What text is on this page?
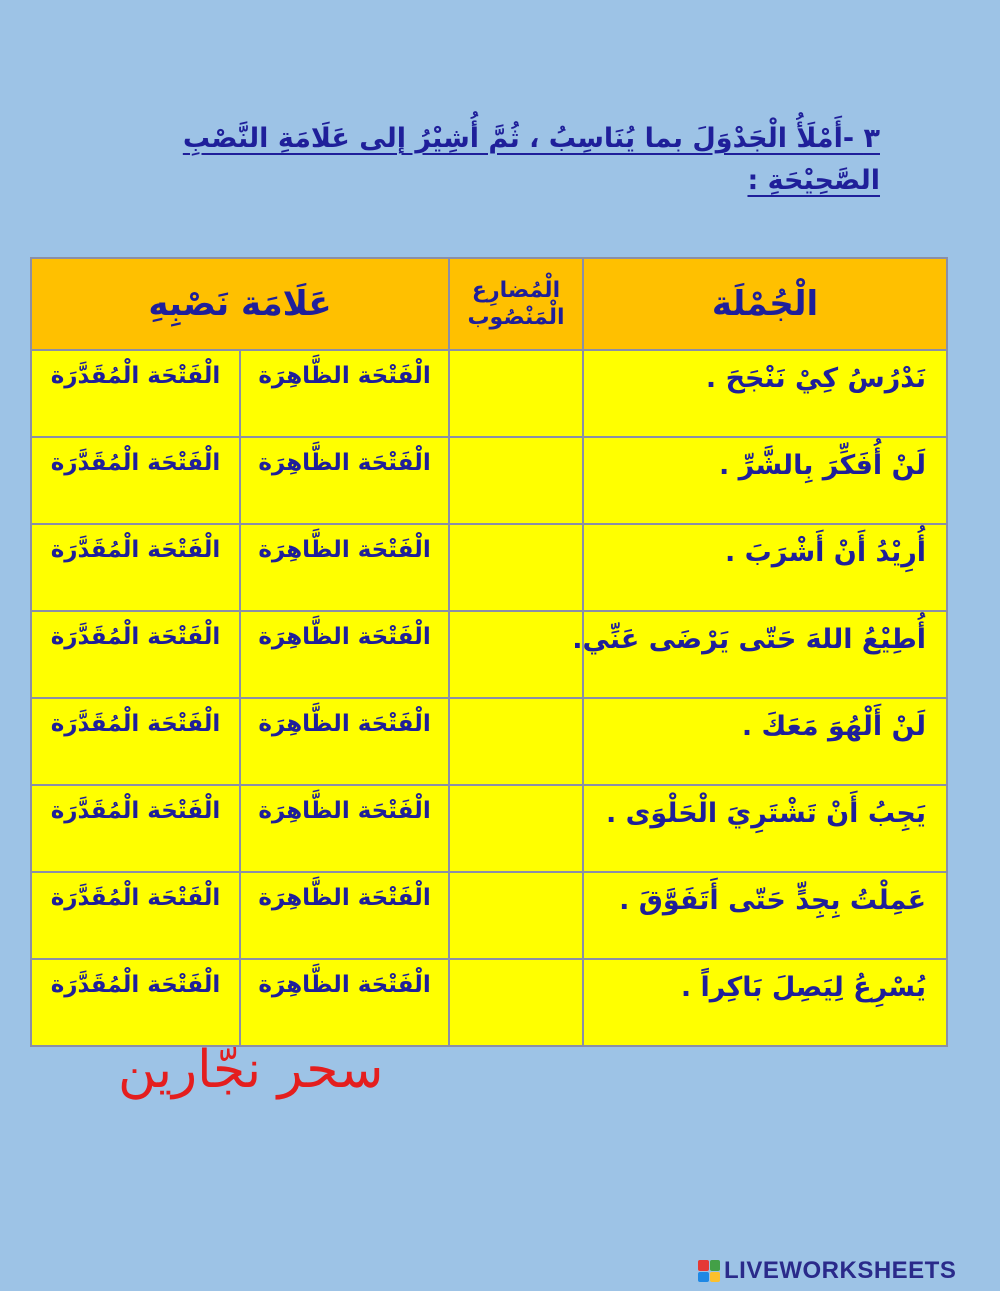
٣ -أَمْلَأُ الْجَدْوَلَ بما يُنَاسِبُ ، ثُمَّ أُشِيْرُ إلى عَلَامَةِ النَّصْبِ
الصَّحِيْحَةِ :
الْجُمْلَة	الْمُضارِع الْمَنْصُوب	عَلَامَة نَصْبِهِ	
نَدْرُسُ كِيْ نَنْجَحَ .		الْفَتْحَة الظَّاهِرَة	الْفَتْحَة الْمُقَدَّرَة
لَنْ أُفَكِّرَ بِالشَّرِّ .		الْفَتْحَة الظَّاهِرَة	الْفَتْحَة الْمُقَدَّرَة
أُرِيْدُ أَنْ أَشْرَبَ .		الْفَتْحَة الظَّاهِرَة	الْفَتْحَة الْمُقَدَّرَة
أُطِيْعُ اللهَ حَتّى يَرْضَى عَنِّي.		الْفَتْحَة الظَّاهِرَة	الْفَتْحَة الْمُقَدَّرَة
لَنْ أَلْهُوَ مَعَكَ .		الْفَتْحَة الظَّاهِرَة	الْفَتْحَة الْمُقَدَّرَة
يَجِبُ أَنْ تَشْتَرِيَ الْحَلْوَى .		الْفَتْحَة الظَّاهِرَة	الْفَتْحَة الْمُقَدَّرَة
عَمِلْتُ بِجِدٍّ حَتّى أَتَفَوَّقَ .		الْفَتْحَة الظَّاهِرَة	الْفَتْحَة الْمُقَدَّرَة
يُسْرِعُ لِيَصِلَ بَاكِراً .		الْفَتْحَة الظَّاهِرَة	الْفَتْحَة الْمُقَدَّرَة
سحر نجّارين
LIVEWORKSHEETS
